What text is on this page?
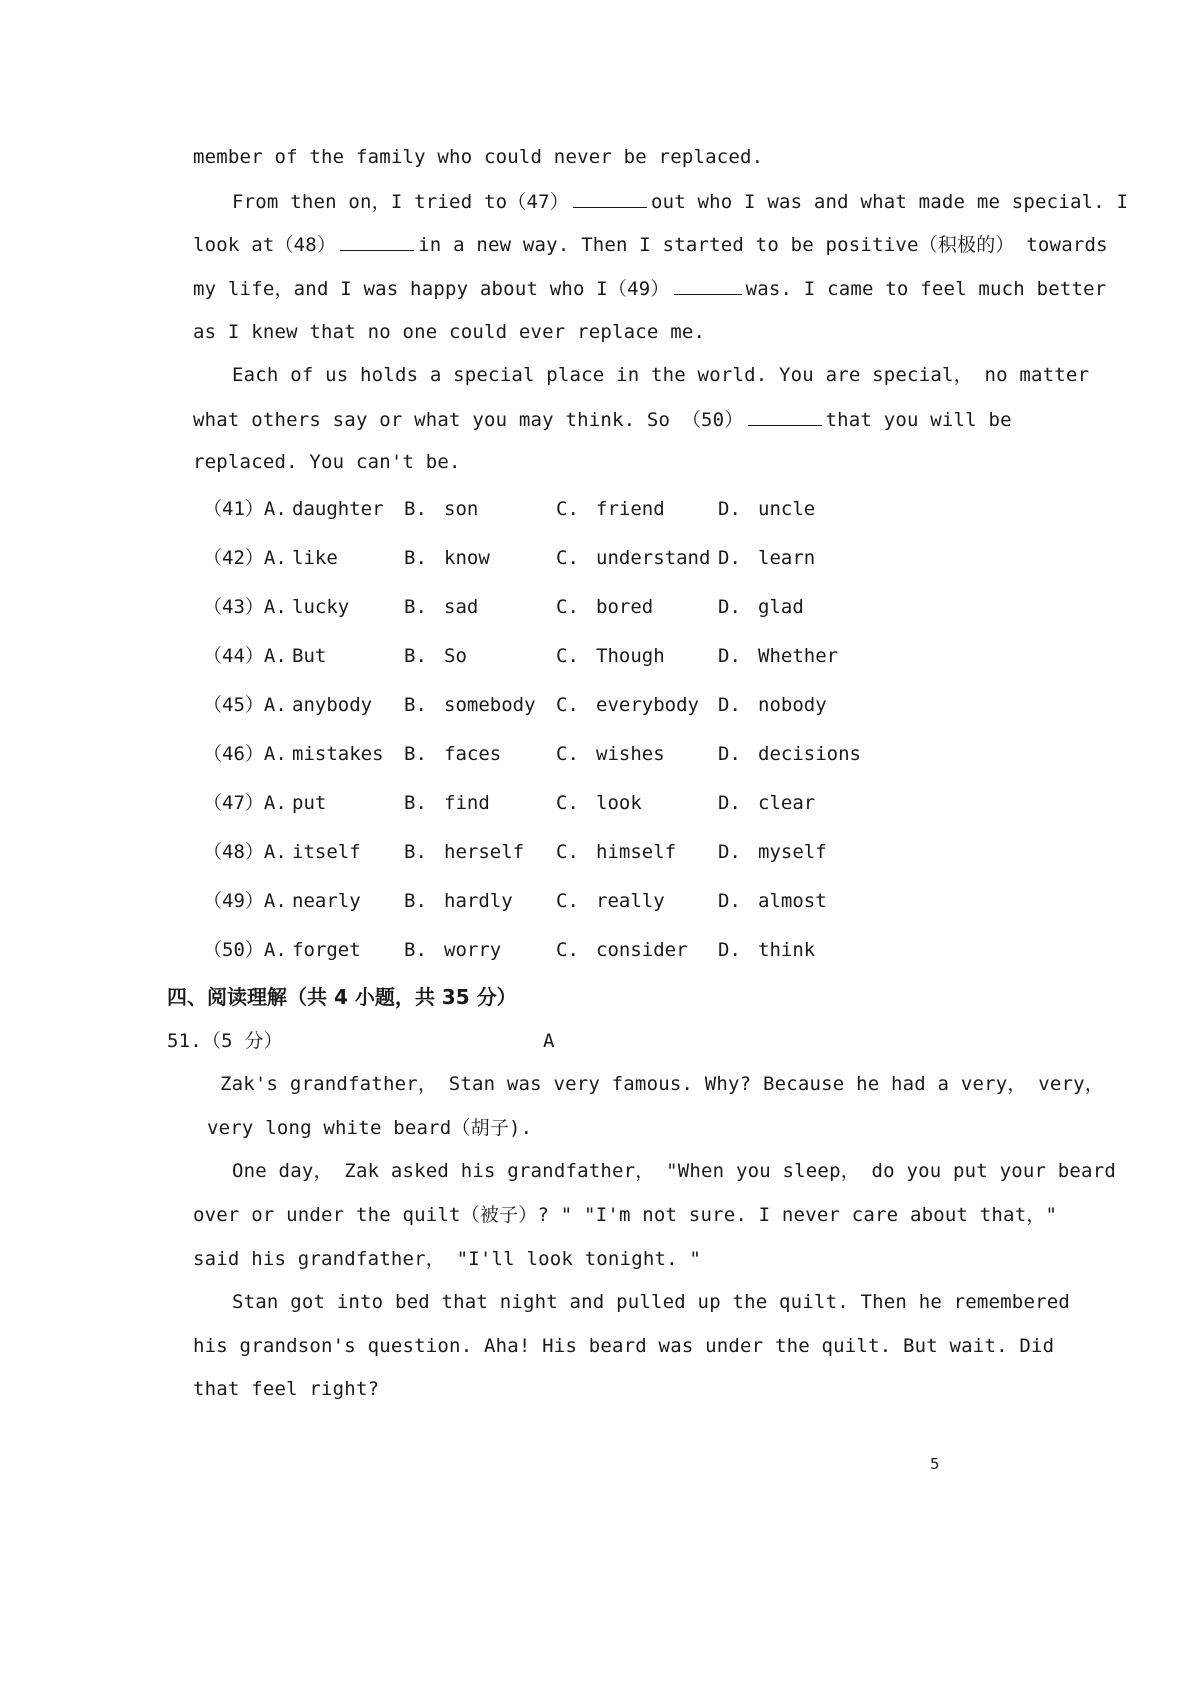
member of the family who could never be replaced.
From then on，I tried to（47）	out who I was and what made me special. I
look at（48）	in a new way. Then I started to be positive（积极的） towards
my life，and I was happy about who I（49）	was. I came to feel much better
as I knew that no one could ever replace me.
Each of us holds a special place in the world. You are special， no matter
what others say or what you may think. So （50）	that you will be
replaced. You can't be.
（41）A. daughter B. son	C. friend	D. uncle
（42）A. like	B. know	C. understand D. learn
（43）A. lucky	B. sad	C. bored	D. glad
（44）A. But	B. So	C. Though	D. Whether
（45）A. anybody B. somebody C. everybody D. nobody
（46）A. mistakes B. faces	C. wishes	D. decisions
（47）A. put	B. find	C. look	D. clear
（48）A. itself B. herself C. himself D. myself
（49）A. nearly B. hardly C. really	D. almost
（50）A. forget B. worry	C. consider D. think
四、阅读理解（共 4 小题，共 35 分）
51.（5 分）	A
Zak's grandfather， Stan was very famous. Why? Because he had a very， very，
very long white beard（胡子).
One day， Zak asked his grandfather， "When you sleep， do you put your beard
over or under the quilt（被子）? " "I'm not sure. I never care about that，"
said his grandfather， "I'll look tonight. "
Stan got into bed that night and pulled up the quilt. Then he remembered
his grandson's question. Aha! His beard was under the quilt. But wait. Did
that feel right?
5
